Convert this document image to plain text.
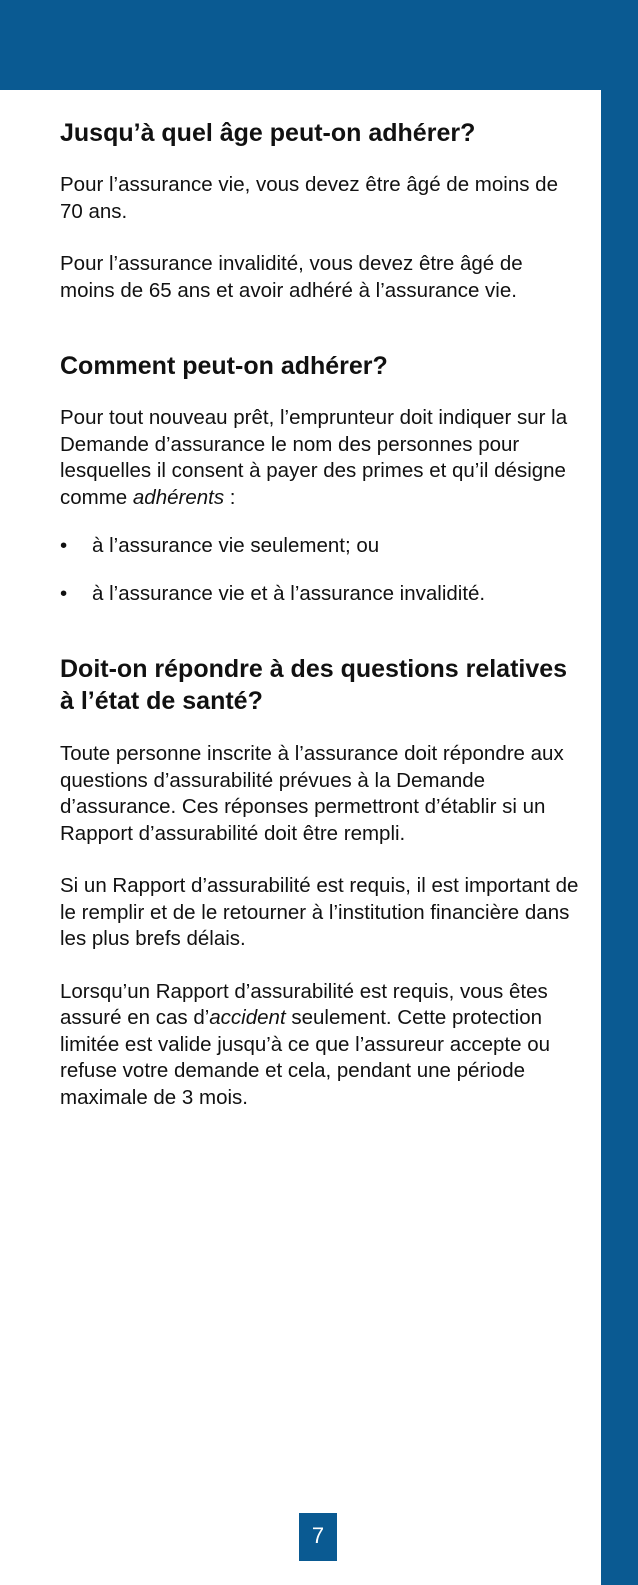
Jusqu’à quel âge peut-on adhérer?

Pour l’assurance vie, vous devez être âgé de moins de 70 ans.

Pour l’assurance invalidité, vous devez être âgé de moins de 65 ans et avoir adhéré à l’assurance vie.

Comment peut-on adhérer?

Pour tout nouveau prêt, l’emprunteur doit indiquer sur la Demande d’assurance le nom des personnes pour lesquelles il consent à payer des primes et qu’il désigne comme adhérents :

• à l’assurance vie seulement; ou
• à l’assurance vie et à l’assurance invalidité.
Doit-on répondre à des questions relatives à l’état de santé?

Toute personne inscrite à l’assurance doit répondre aux questions d’assurabilité prévues à la Demande d’assurance. Ces réponses permettront d’établir si un Rapport d’assurabilité doit être rempli.

Si un Rapport d’assurabilité est requis, il est important de le remplir et de le retourner à l’institution financière dans les plus brefs délais.

Lorsqu’un Rapport d’assurabilité est requis, vous êtes assuré en cas d’accident seulement. Cette protection limitée est valide jusqu’à ce que l’assureur accepte ou refuse votre demande et cela, pendant une période maximale de 3 mois.

7
